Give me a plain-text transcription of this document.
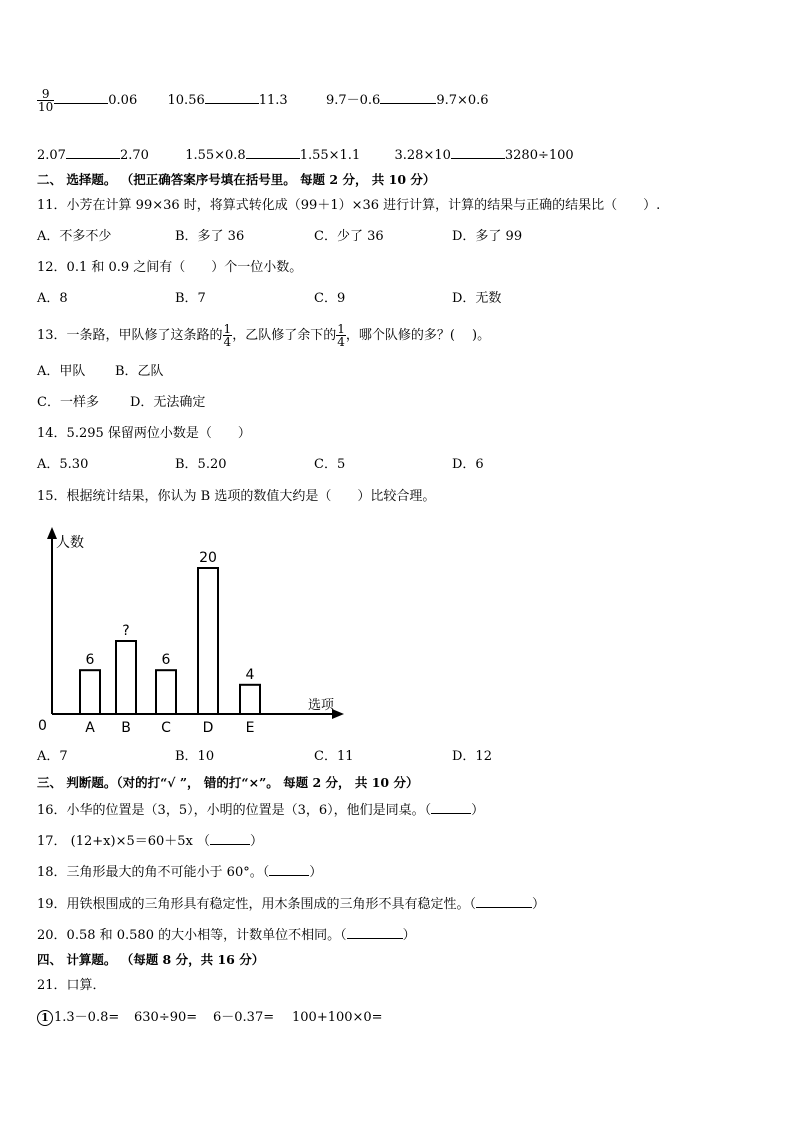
$\frac{9}{10}$	0.06 10.56	11.3	9.7－0.6	9.7×0.6
2.07	2.70	1.55×0.8	1.55×1.1	3.28×10	3280÷100
二、 选择题。 （把正确答案序号填在括号里。 每题 2 分， 共 10 分）
11．小芳在计算 99×36 时，将算式转化成（99＋1）×36 进行计算，计算的结果与正确的结果比（　　）.
A．不多不少	B．多了 36	C．少了 36	D．多了 99
12．0.1 和 0.9 之间有（　　）个一位小数。
A．8	B．7	C．9	D．无数
13．一条路，甲队修了这条路的 $\frac{1}{4}$ ，乙队修了余下的 $\frac{1}{4}$ ，哪个队修的多？(　 )。
A．甲队 B．乙队
C．一样多 D．无法确定
14．5.295 保留两位小数是（　　）
A．5.30	B．5.20	C．5	D．6
15．根据统计结果，你认为 B 选项的数值大约是（　　）比较合理。
人数
选项
0
6
A
?
B
6
C
20
D
4
E
A．7	B．10	C．11	D．12
三、 判断题。（对的打“√ ”， 错的打“×”。 每题 2 分， 共 10 分）
16．小华的位置是（3，5），小明的位置是（3，6），他们是同桌。（	）
17． (12+x)×5＝60＋5x （	）
18．三角形最大的角不可能小于 60°。（	）
19．用铁根围成的三角形具有稳定性，用木条围成的三角形不具有稳定性。（	）
20．0.58 和 0.580 的大小相等，计数单位不相同。（	）
四、 计算题。 （每题 8 分，共 16 分）
21．口算．
1 1.3－0.8= 630÷90= 6－0.37= 100+100×0=
